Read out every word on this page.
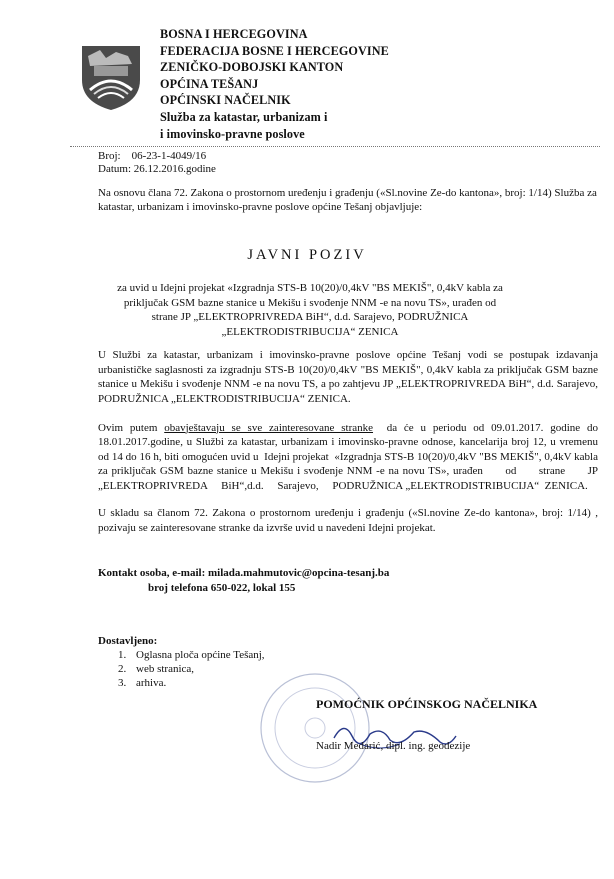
BOSNA I HERCEGOVINA
FEDERACIJA BOSNE I HERCEGOVINE
ZENIČKO-DOBOJSKI KANTON
OPĆINA TEŠANJ
OPĆINSKI NAČELNIK
Služba za katastar, urbanizam i
i imovinsko-pravne poslove
Broj:    06-23-1-4049/16
Datum: 26.12.2016.godine
Na osnovu člana 72. Zakona o prostornom uređenju i građenju («Sl.novine Ze-do kantona», broj: 1/14) Služba za katastar, urbanizam i imovinsko-pravne poslove općine Tešanj objavljuje:
JAVNI POZIV
za uvid u Idejni projekat «Izgradnja STS-B 10(20)/0,4kV "BS MEKIŠ", 0,4kV kabla za priključak GSM bazne stanice u Mekišu i svođenje NNM -e na novu TS», urađen od strane JP „ELEKTROPRIVREDA BiH“, d.d. Sarajevo, PODRUŽNICA „ELEKTRODISTRIBUCIJA“ ZENICA
U Službi za katastar, urbanizam i imovinsko-pravne poslove općine Tešanj vodi se postupak izdavanja urbanističke saglasnosti za izgradnju STS-B 10(20)/0,4kV "BS MEKIŠ", 0,4kV kabla za priključak GSM bazne stanice u Mekišu i svođenje NNM -e na novu TS, a po zahtjevu JP „ELEKTROPRIVREDA BiH“, d.d. Sarajevo, PODRUŽNICA „ELEKTRODISTRIBUCIJA“ ZENICA.

Ovim putem obavještavaju se sve zainteresovane stranke  da će u periodu od 09.01.2017. godine do 18.01.2017.godine, u Službi za katastar, urbanizam i imovinsko-pravne odnose, kancelarija broj 12, u vremenu od 14 do 16 h, biti omogućen uvid u  Idejni projekat  «Izgradnja STS-B 10(20)/0,4kV "BS MEKIŠ", 0,4kV kabla za priključak GSM bazne stanice u Mekišu i svođenje NNM -e na novu TS», urađen      od      strane      JP     „ELEKTROPRIVREDA     BiH“,d.d.     Sarajevo,     PODRUŽNICA „ELEKTRODISTRIBUCIJA“  ZENICA.

U skladu sa članom 72. Zakona o prostornom uređenju i građenju («Sl.novine Ze-do kantona», broj: 1/14) , pozivaju se zainteresovane stranke da izvrše uvid u navedeni Idejni projekat.
Kontakt osoba, e-mail: milada.mahmutovic@opcina-tesanj.ba
broj telefona 650-022, lokal 155
Dostavljeno:
1. Oglasna ploča općine Tešanj,
2. web stranica,
3. arhiva.
POMOĆNIK OPĆINSKOG NAČELNIKA
Nadir Medarić, dipl. ing. geodezije
